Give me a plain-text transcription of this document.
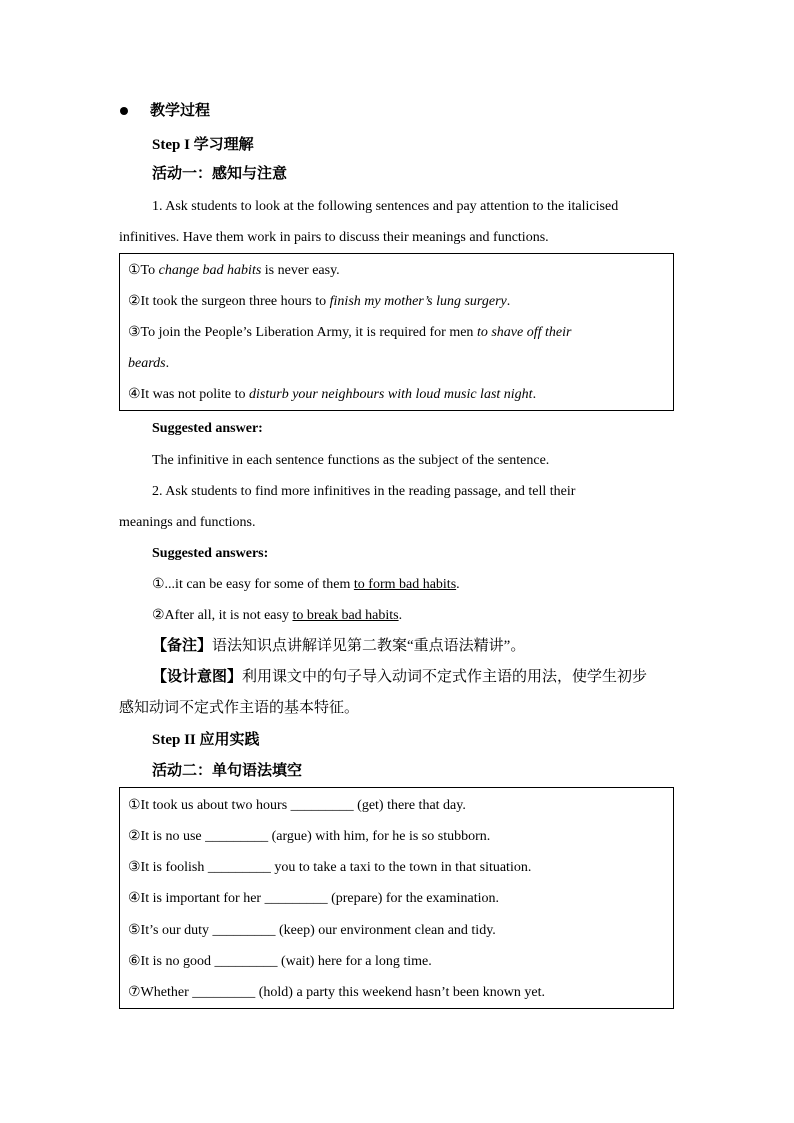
教学过程
Step I 学习理解
活动一：感知与注意
1. Ask students to look at the following sentences and pay attention to the italicised
infinitives. Have them work in pairs to discuss their meanings and functions.
①To change bad habits is never easy.
②It took the surgeon three hours to finish my mother’s lung surgery.
③To join the People’s Liberation Army, it is required for men to shave off their
beards.
④It was not polite to disturb your neighbours with loud music last night.
Suggested answer:
The infinitive in each sentence functions as the subject of the sentence.
2. Ask students to find more infinitives in the reading passage, and tell their
meanings and functions.
Suggested answers:
①...it can be easy for some of them to form bad habits.
②After all, it is not easy to break bad habits.
【备注】语法知识点讲解详见第二教案“重点语法精讲”。
【设计意图】利用课文中的句子导入动词不定式作主语的用法，使学生初步
感知动词不定式作主语的基本特征。
Step II 应用实践
活动二：单句语法填空
①It took us about two hours _________ (get) there that day.
②It is no use _________ (argue) with him, for he is so stubborn.
③It is foolish _________ you to take a taxi to the town in that situation.
④It is important for her _________ (prepare) for the examination.
⑤It’s our duty _________ (keep) our environment clean and tidy.
⑥It is no good _________ (wait) here for a long time.
⑦Whether _________ (hold) a party this weekend hasn’t been known yet.
